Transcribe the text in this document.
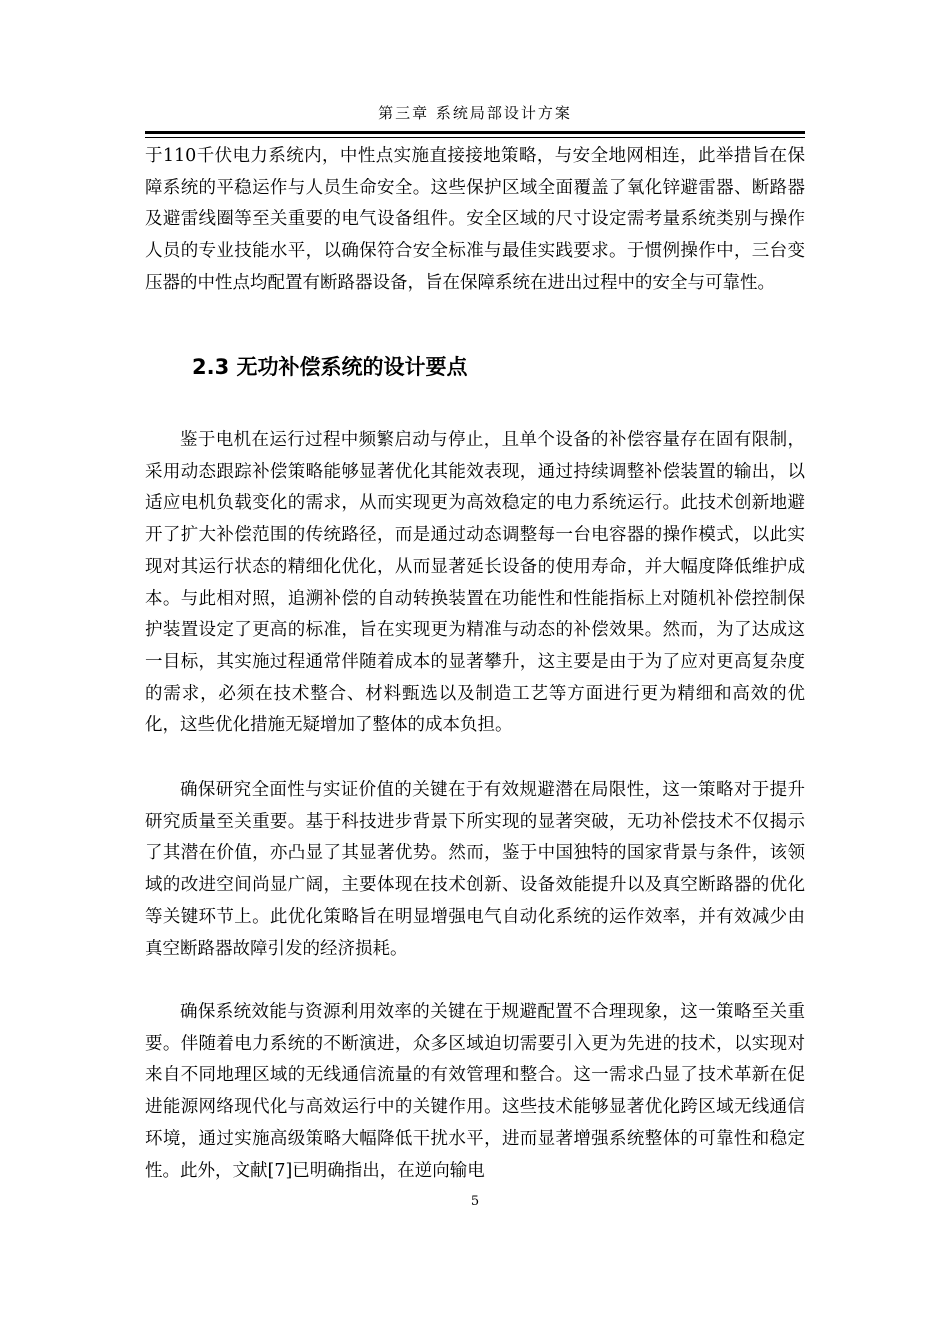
第三章 系统局部设计方案

于110千伏电力系统内，中性点实施直接接地策略，与安全地网相连，此举措旨在保障系统的平稳运作与人员生命安全。这些保护区域全面覆盖了氧化锌避雷器、断路器及避雷线圈等至关重要的电气设备组件。安全区域的尺寸设定需考量系统类别与操作人员的专业技能水平，以确保符合安全标准与最佳实践要求。于惯例操作中，三台变压器的中性点均配置有断路器设备，旨在保障系统在进出过程中的安全与可靠性。

2.3 无功补偿系统的设计要点

鉴于电机在运行过程中频繁启动与停止，且单个设备的补偿容量存在固有限制，采用动态跟踪补偿策略能够显著优化其能效表现，通过持续调整补偿装置的输出，以适应电机负载变化的需求，从而实现更为高效稳定的电力系统运行。此技术创新地避开了扩大补偿范围的传统路径，而是通过动态调整每一台电容器的操作模式，以此实现对其运行状态的精细化优化，从而显著延长设备的使用寿命，并大幅度降低维护成本。与此相对照，追溯补偿的自动转换装置在功能性和性能指标上对随机补偿控制保护装置设定了更高的标准，旨在实现更为精准与动态的补偿效果。然而，为了达成这一目标，其实施过程通常伴随着成本的显著攀升，这主要是由于为了应对更高复杂度的需求，必须在技术整合、材料甄选以及制造工艺等方面进行更为精细和高效的优化，这些优化措施无疑增加了整体的成本负担。

确保研究全面性与实证价值的关键在于有效规避潜在局限性，这一策略对于提升研究质量至关重要。基于科技进步背景下所实现的显著突破，无功补偿技术不仅揭示了其潜在价值，亦凸显了其显著优势。然而，鉴于中国独特的国家背景与条件，该领域的改进空间尚显广阔，主要体现在技术创新、设备效能提升以及真空断路器的优化等关键环节上。此优化策略旨在明显增强电气自动化系统的运作效率，并有效减少由真空断路器故障引发的经济损耗。

确保系统效能与资源利用效率的关键在于规避配置不合理现象，这一策略至关重要。伴随着电力系统的不断演进，众多区域迫切需要引入更为先进的技术，以实现对来自不同地理区域的无线通信流量的有效管理和整合。这一需求凸显了技术革新在促进能源网络现代化与高效运行中的关键作用。这些技术能够显著优化跨区域无线通信环境，通过实施高级策略大幅降低干扰水平，进而显著增强系统整体的可靠性和稳定性。此外，文献[7]已明确指出，在逆向输电

5
